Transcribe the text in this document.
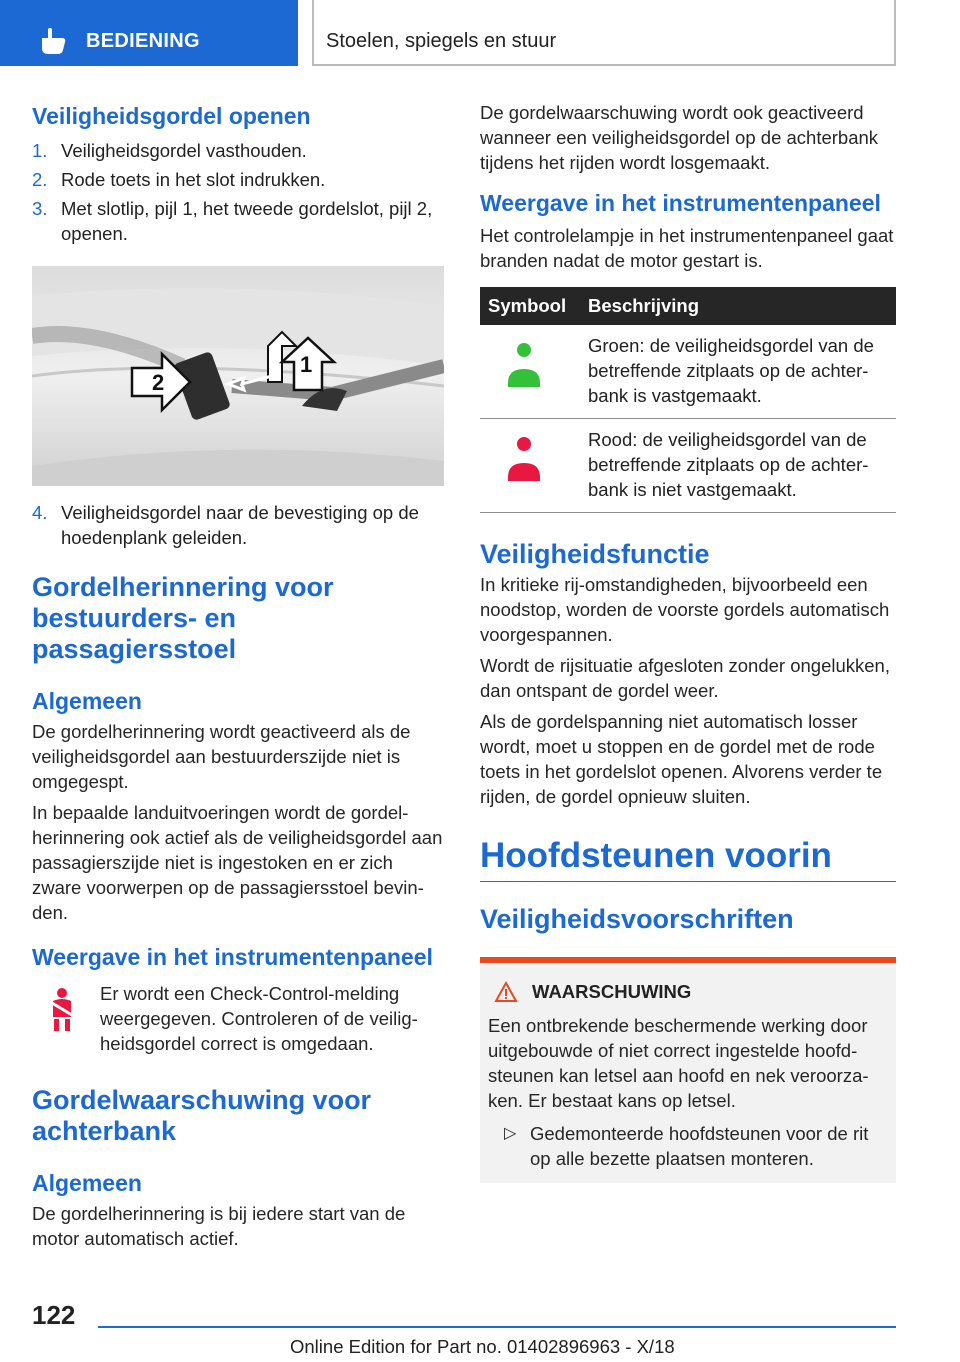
BEDIENING	Stoelen, spiegels en stuur
Veiligheidsgordel openen
1. Veiligheidsgordel vasthouden.
2. Rode toets in het slot indrukken.
3. Met slotlip, pijl 1, het tweede gordelslot, pijl 2, openen.
1
2
4. Veiligheidsgordel naar de bevestiging op de hoedenplank geleiden.
Gordelherinnering voor bestuurders- en passagiersstoel
Algemeen

De gordelherinnering wordt geactiveerd als de veiligheidsgordel aan bestuurderszijde niet is omgegespt.

In bepaalde landuitvoeringen wordt de gordelherinnering ook actief als de veiligheidsgordel aan passagierszijde niet is ingestoken en er zich zware voorwerpen op de passagiersstoel bevinden.

Weergave in het instrumentenpaneel

Er wordt een Check-Control-melding weergegeven. Controleren of de veiligheidsgordel correct is omgedaan.

Gordelwaarschuwing voor achterbank
Algemeen

De gordelherinnering is bij iedere start van de motor automatisch actief.

De gordelwaarschuwing wordt ook geactiveerd wanneer een veiligheidsgordel op de achterbank tijdens het rijden wordt losgemaakt.

Weergave in het instrumentenpaneel

Het controlelampje in het instrumentenpaneel gaat branden nadat de motor gestart is.

Symbool	Beschrijving
	Groen: de veiligheidsgordel van de betreffende zitplaats op de achterbank is vastgemaakt.
	Rood: de veiligheidsgordel van de betreffende zitplaats op de achterbank is niet vastgemaakt.
Veiligheidsfunctie

In kritieke rij-omstandigheden, bijvoorbeeld een noodstop, worden de voorste gordels automatisch voorgespannen.

Wordt de rijsituatie afgesloten zonder ongelukken, dan ontspant de gordel weer.

Als de gordelspanning niet automatisch losser wordt, moet u stoppen en de gordel met de rode toets in het gordelslot openen. Alvorens verder te rijden, de gordel opnieuw sluiten.

Hoofdsteunen voorin
Veiligheidsvoorschriften
WAARSCHUWING

Een ontbrekende beschermende werking door uitgebouwde of niet correct ingestelde hoofdsteunen kan letsel aan hoofd en nek veroorzaken. Er bestaat kans op letsel.

▷ Gedemonteerde hoofdsteunen voor de rit op alle bezette plaatsen monteren.

122
Online Edition for Part no. 01402896963 - X/18
